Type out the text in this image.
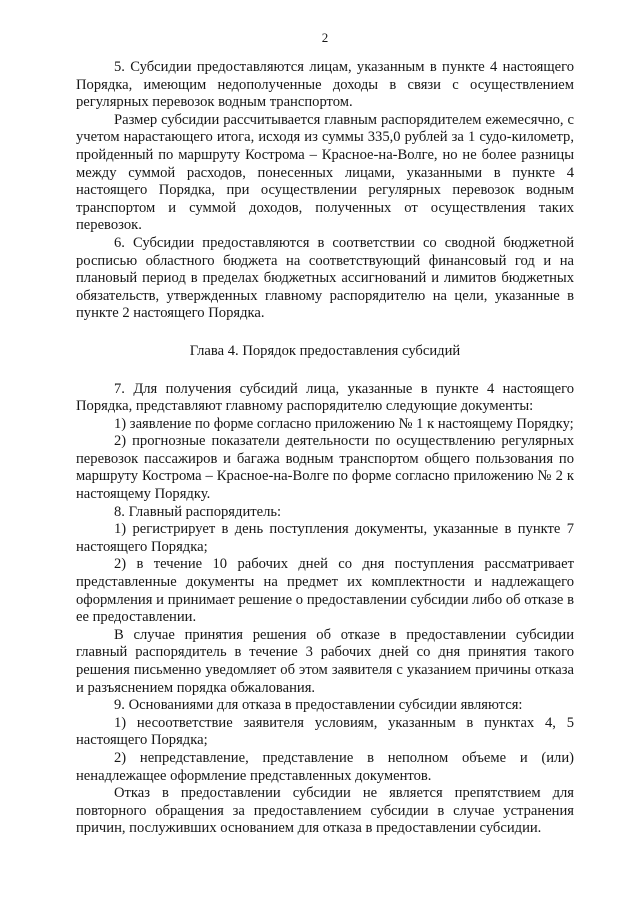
2

5. Субсидии предоставляются лицам, указанным в пункте 4 настоящего Порядка, имеющим недополученные доходы в связи с осуществлением регулярных перевозок водным транспортом.

Размер субсидии рассчитывается главным распорядителем ежемесячно, с учетом нарастающего итога, исходя из суммы 335,0 рублей за 1 судо-километр, пройденный по маршруту Кострома – Красное-на-Волге, но не более разницы между суммой расходов, понесенных лицами, указанными в пункте 4 настоящего Порядка, при осуществлении регулярных перевозок водным транспортом и суммой доходов, полученных от осуществления таких перевозок.

6. Субсидии предоставляются в соответствии со сводной бюджетной росписью областного бюджета на соответствующий финансовый год и на плановый период в пределах бюджетных ассигнований и лимитов бюджетных обязательств, утвержденных главному распорядителю на цели, указанные в пункте 2 настоящего Порядка.

Глава 4. Порядок предоставления субсидий

7. Для получения субсидий лица, указанные в пункте 4 настоящего Порядка, представляют главному распорядителю следующие документы:

1) заявление по форме согласно приложению № 1 к настоящему Порядку;

2) прогнозные показатели деятельности по осуществлению регулярных перевозок пассажиров и багажа водным транспортом общего пользования по маршруту Кострома – Красное-на-Волге по форме согласно приложению № 2 к настоящему Порядку.

8. Главный распорядитель:

1) регистрирует в день поступления документы, указанные в пункте 7 настоящего Порядка;

2) в течение 10 рабочих дней со дня поступления рассматривает представленные документы на предмет их комплектности и надлежащего оформления и принимает решение о предоставлении субсидии либо об отказе в ее предоставлении.

В случае принятия решения об отказе в предоставлении субсидии главный распорядитель в течение 3 рабочих дней со дня принятия такого решения письменно уведомляет об этом заявителя с указанием причины отказа и разъяснением порядка обжалования.

9. Основаниями для отказа в предоставлении субсидии являются:

1) несоответствие заявителя условиям, указанным в пунктах 4, 5 настоящего Порядка;

2) непредставление, представление в неполном объеме и (или) ненадлежащее оформление представленных документов.

Отказ в предоставлении субсидии не является препятствием для повторного обращения за предоставлением субсидии в случае устранения причин, послуживших основанием для отказа в предоставлении субсидии.
